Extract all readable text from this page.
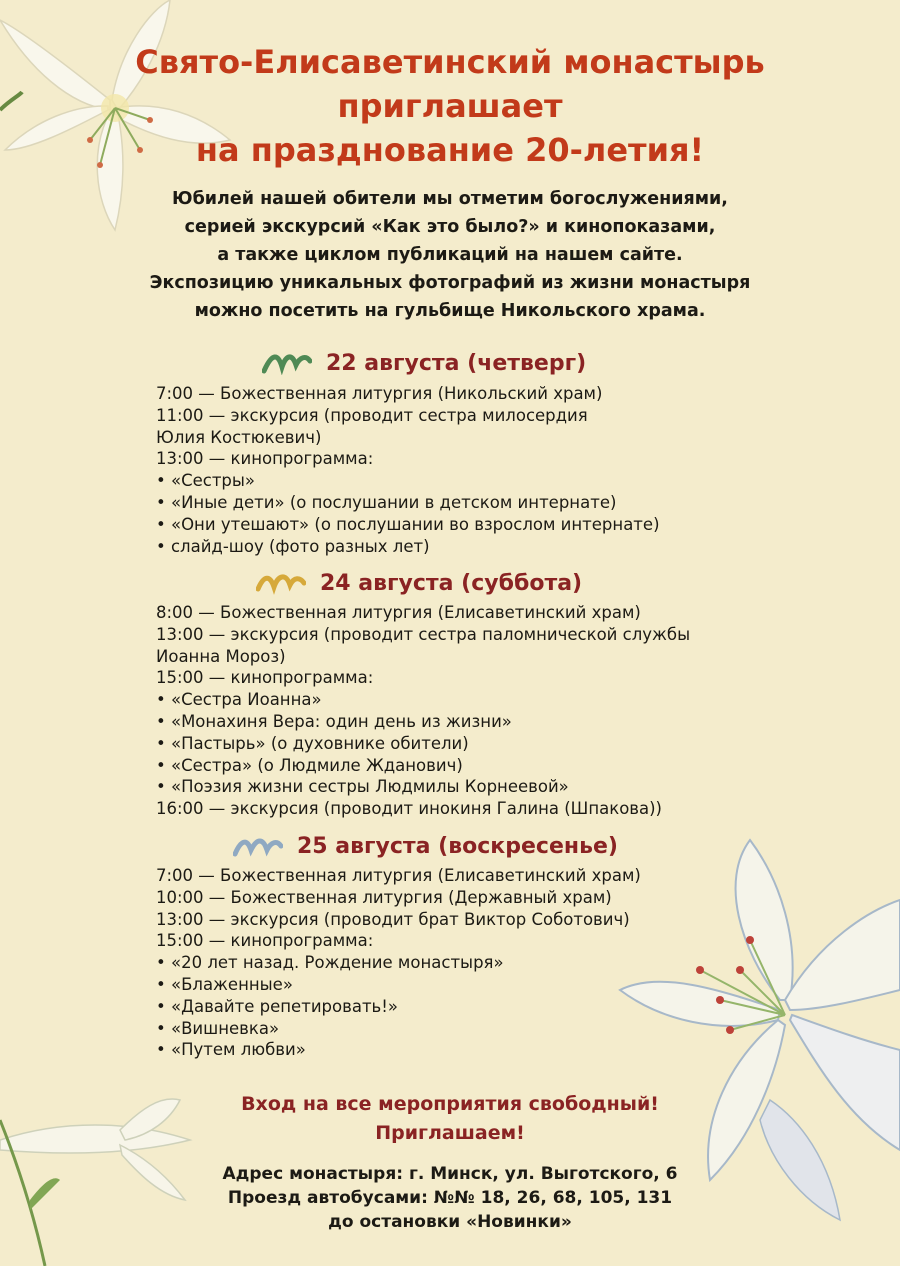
Свято-Елисаветинский монастырь
приглашает
на празднование 20-летия!
Юбилей нашей обители мы отметим богослужениями,
серией экскурсий «Как это было?» и кинопоказами,
а также циклом публикаций на нашем сайте.
Экспозицию уникальных фотографий из жизни монастыря
можно посетить на гульбище Никольского храма.
22 августа (четверг)
7:00 — Божественная литургия (Никольский храм)
11:00 — экскурсия (проводит сестра милосердия
Юлия Костюкевич)
13:00 — кинопрограмма:
• «Сестры»
• «Иные дети» (о послушании в детском интернате)
• «Они утешают» (о послушании во взрослом интернате)
• слайд-шоу (фото разных лет)
24 августа (суббота)
8:00 — Божественная литургия (Елисаветинский храм)
13:00 — экскурсия (проводит сестра паломнической службы
Иоанна Мороз)
15:00 — кинопрограмма:
• «Сестра Иоанна»
• «Монахиня Вера: один день из жизни»
• «Пастырь» (о духовнике обители)
• «Сестра» (о Людмиле Жданович)
• «Поэзия жизни сестры Людмилы Корнеевой»
16:00 — экскурсия (проводит инокиня Галина (Шпакова))
25 августа (воскресенье)
7:00 — Божественная литургия (Елисаветинский храм)
10:00 — Божественная литургия (Державный храм)
13:00 — экскурсия (проводит брат Виктор Соботович)
15:00 — кинопрограмма:
• «20 лет назад. Рождение монастыря»
• «Блаженные»
• «Давайте репетировать!»
• «Вишневка»
• «Путем любви»
Вход на все мероприятия свободный!
Приглашаем!
Адрес монастыря: г. Минск, ул. Выготского, 6
Проезд автобусами: №№ 18, 26, 68, 105, 131
до остановки «Новинки»
